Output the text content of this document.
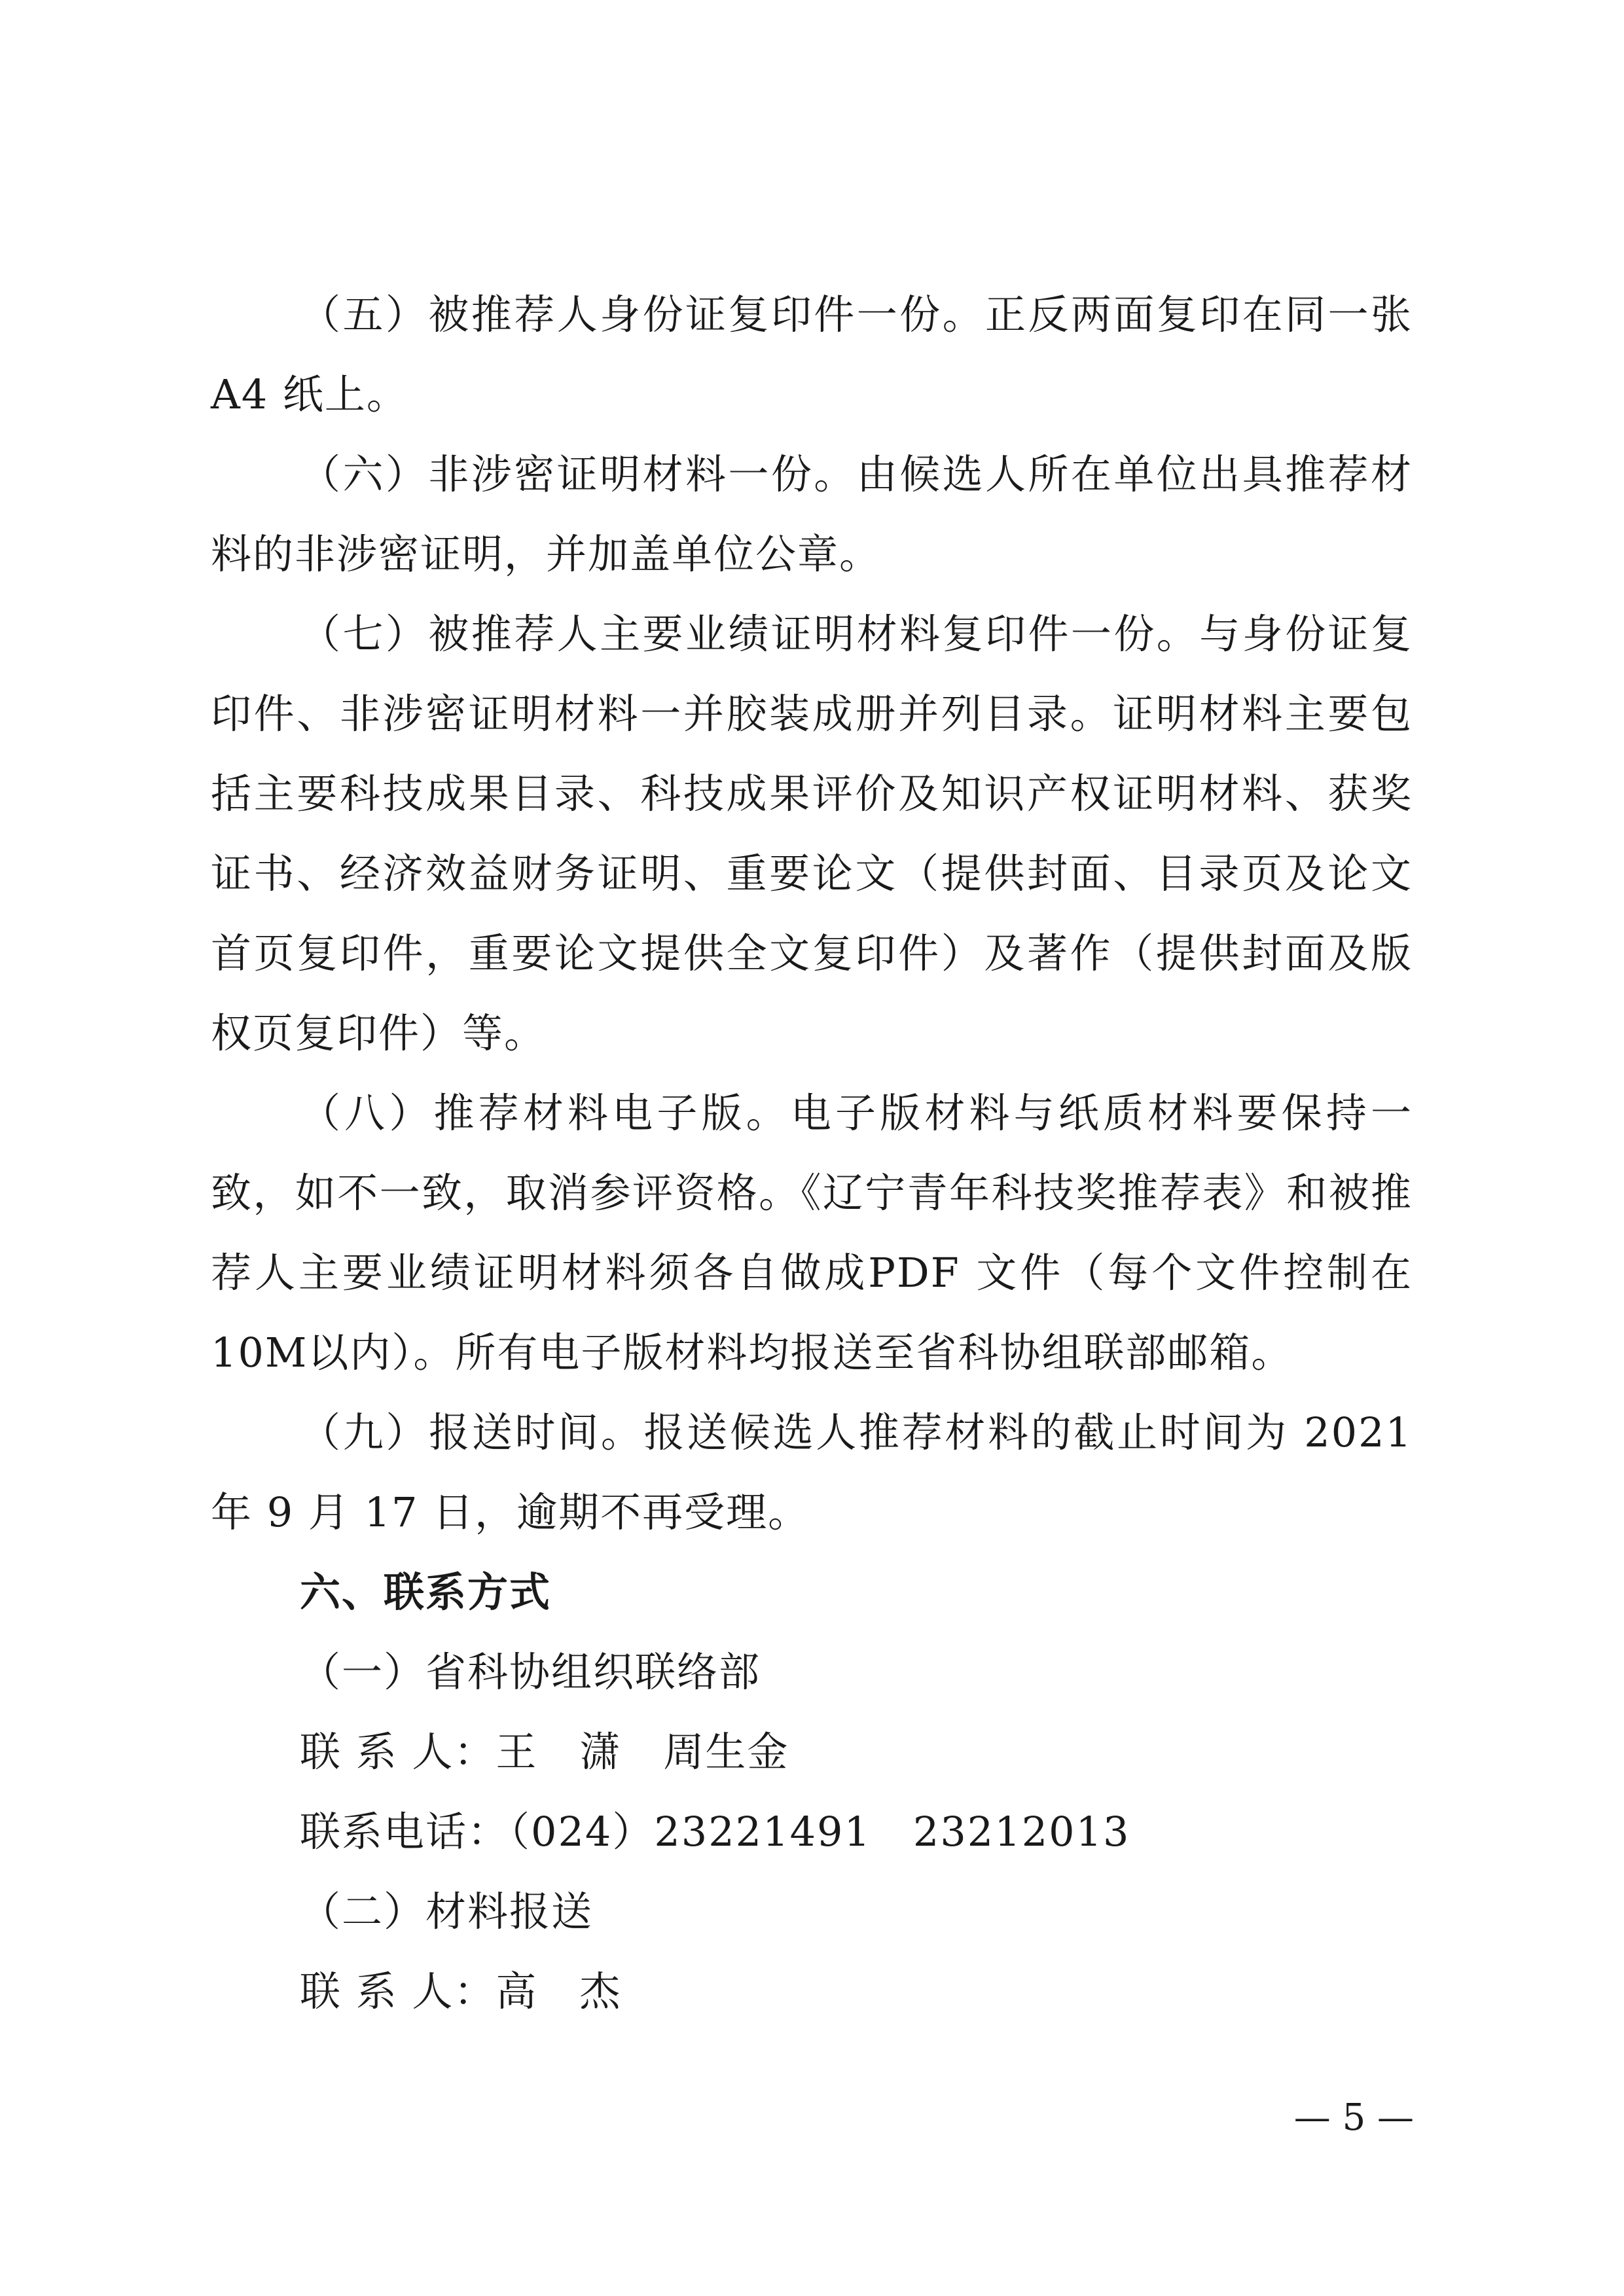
（五）被推荐人身份证复印件一份。正反两面复印在同一张A4 纸上。

（六）非涉密证明材料一份。由候选人所在单位出具推荐材料的非涉密证明，并加盖单位公章。

（七）被推荐人主要业绩证明材料复印件一份。与身份证复印件、非涉密证明材料一并胶装成册并列目录。证明材料主要包括主要科技成果目录、科技成果评价及知识产权证明材料、获奖证书、经济效益财务证明、重要论文（提供封面、目录页及论文首页复印件，重要论文提供全文复印件）及著作（提供封面及版权页复印件）等。

（八）推荐材料电子版。电子版材料与纸质材料要保持一致，如不一致，取消参评资格。《辽宁青年科技奖推荐表》和被推荐人主要业绩证明材料须各自做成PDF 文件（每个文件控制在10M以内）。所有电子版材料均报送至省科协组联部邮箱。

（九）报送时间。报送候选人推荐材料的截止时间为 2021年 9 月 17 日，逾期不再受理。

六、联系方式

（一）省科协组织联络部

联 系 人：王　潇　周生金

联系电话：（024）23221491　23212013

（二）材料报送

联 系 人：高　杰

— 5 —
